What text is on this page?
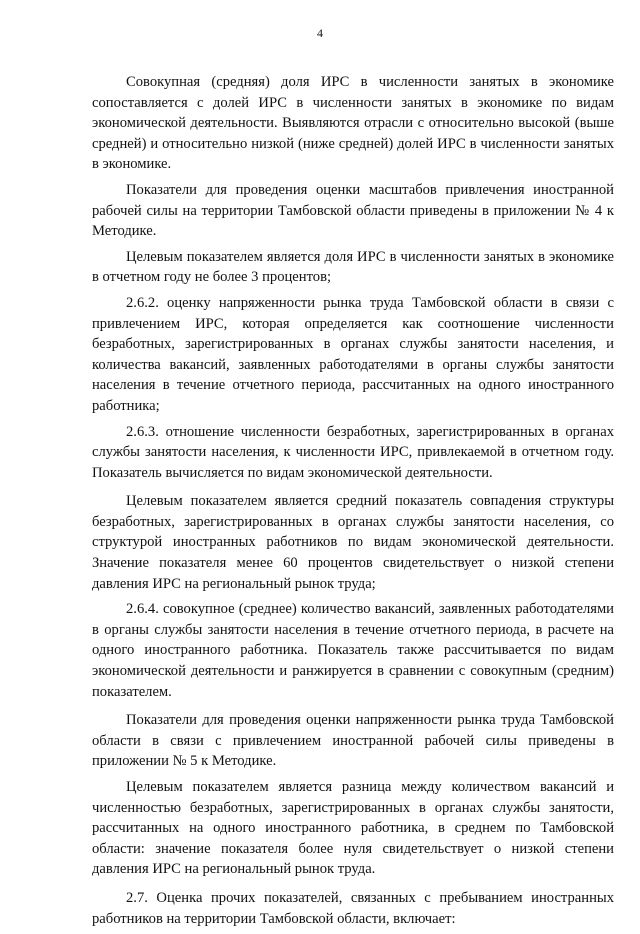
4

Совокупная (средняя) доля ИРС в численности занятых в экономике сопоставляется с долей ИРС в численности занятых в экономике по видам экономической деятельности. Выявляются отрасли с относительно высокой (выше средней) и относительно низкой (ниже средней) долей ИРС в численности занятых в экономике.

Показатели для проведения оценки масштабов привлечения иностранной рабочей силы на территории Тамбовской области приведены в приложении № 4 к Методике.

Целевым показателем является доля ИРС в численности занятых в экономике в отчетном году не более 3 процентов;

2.6.2. оценку напряженности рынка труда Тамбовской области в связи с привлечением ИРС, которая определяется как соотношение численности безработных, зарегистрированных в органах службы занятости населения, и количества вакансий, заявленных работодателями в органы службы занятости населения в течение отчетного периода, рассчитанных на одного иностранного работника;

2.6.3. отношение численности безработных, зарегистрированных в органах службы занятости населения, к численности ИРС, привлекаемой в отчетном году. Показатель вычисляется по видам экономической деятельности.

Целевым показателем является средний показатель совпадения структуры безработных, зарегистрированных в органах службы занятости населения, со структурой иностранных работников по видам экономической деятельности. Значение показателя менее 60 процентов свидетельствует о низкой степени давления ИРС на региональный рынок труда;

2.6.4. совокупное (среднее) количество вакансий, заявленных работодателями в органы службы занятости населения в течение отчетного периода, в расчете на одного иностранного работника. Показатель также рассчитывается по видам экономической деятельности и ранжируется в сравнении с совокупным (средним) показателем.

Показатели для проведения оценки напряженности рынка труда Тамбовской области в связи с привлечением иностранной рабочей силы приведены в приложении № 5 к Методике.

Целевым показателем является разница между количеством вакансий и численностью безработных, зарегистрированных в органах службы занятости, рассчитанных на одного иностранного работника, в среднем по Тамбовской области: значение показателя более нуля свидетельствует о низкой степени давления ИРС на региональный рынок труда.

2.7. Оценка прочих показателей, связанных с пребыванием иностранных работников на территории Тамбовской области, включает:
